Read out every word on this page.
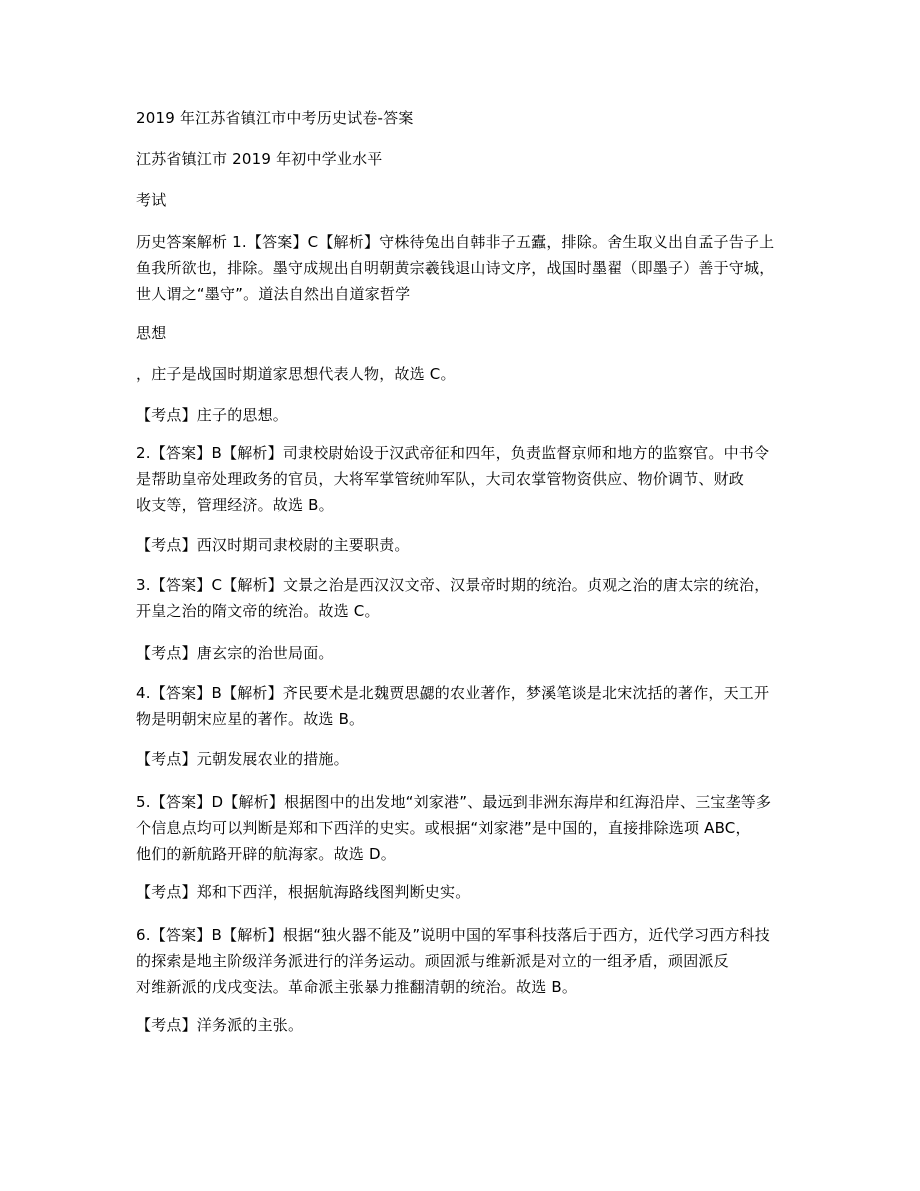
2019 年江苏省镇江市中考历史试卷-答案

江苏省镇江市 2019 年初中学业水平

考试

历史答案解析 1.【答案】C【解析】守株待兔出自韩非子五蠹，排除。舍生取义出自孟子告子上
鱼我所欲也，排除。墨守成规出自明朝黄宗羲钱退山诗文序，战国时墨翟（即墨子）善于守城，
世人谓之“墨守”。道法自然出自道家哲学

思想

，庄子是战国时期道家思想代表人物，故选 C。

【考点】庄子的思想。

2.【答案】B【解析】司隶校尉始设于汉武帝征和四年，负责监督京师和地方的监察官。中书令
是帮助皇帝处理政务的官员，大将军掌管统帅军队，大司农掌管物资供应、物价调节、财政
收支等，管理经济。故选 B。

【考点】西汉时期司隶校尉的主要职责。

3.【答案】C【解析】文景之治是西汉汉文帝、汉景帝时期的统治。贞观之治的唐太宗的统治，
开皇之治的隋文帝的统治。故选 C。

【考点】唐玄宗的治世局面。

4.【答案】B【解析】齐民要术是北魏贾思勰的农业著作，梦溪笔谈是北宋沈括的著作，天工开
物是明朝宋应星的著作。故选 B。

【考点】元朝发展农业的措施。

5.【答案】D【解析】根据图中的出发地“刘家港”、最远到非洲东海岸和红海沿岸、三宝垄等多
个信息点均可以判断是郑和下西洋的史实。或根据“刘家港”是中国的，直接排除选项 ABC，
他们的新航路开辟的航海家。故选 D。

【考点】郑和下西洋，根据航海路线图判断史实。

6.【答案】B【解析】根据“独火器不能及”说明中国的军事科技落后于西方，近代学习西方科技
的探索是地主阶级洋务派进行的洋务运动。顽固派与维新派是对立的一组矛盾，顽固派反
对维新派的戊戌变法。革命派主张暴力推翻清朝的统治。故选 B。

【考点】洋务派的主张。
